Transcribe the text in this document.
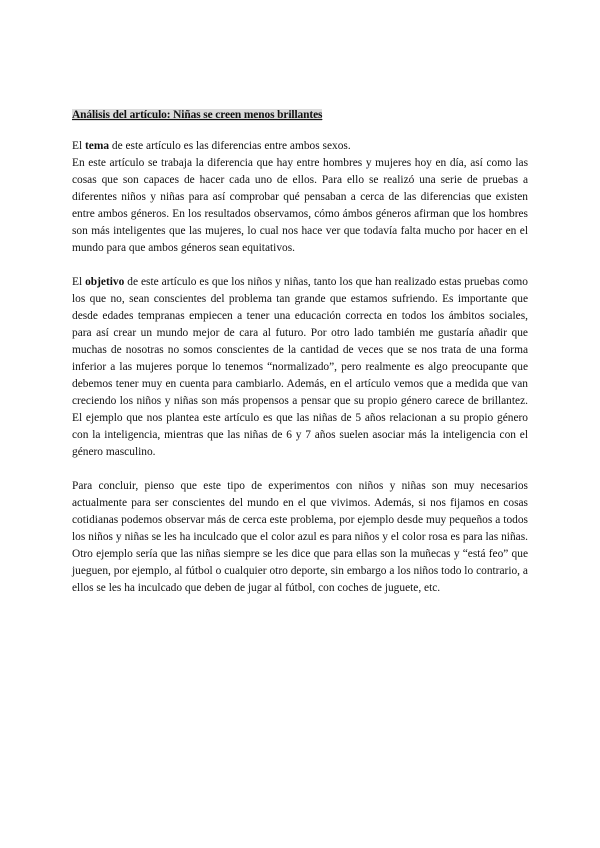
Análisis del artículo: Niñas se creen menos brillantes

El tema de este artículo es las diferencias entre ambos sexos.

En este artículo se trabaja la diferencia que hay entre hombres y mujeres hoy en día, así como las cosas que son capaces de hacer cada uno de ellos. Para ello se realizó una serie de pruebas a diferentes niños y niñas para así comprobar qué pensaban a cerca de las diferencias que existen entre ambos géneros. En los resultados observamos, cómo ámbos géneros afirman que los hombres son más inteligentes que las mujeres, lo cual nos hace ver que todavía falta mucho por hacer en el mundo para que ambos géneros sean equitativos.

El objetivo de este artículo es que los niños y niñas, tanto los que han realizado estas pruebas como los que no, sean conscientes del problema tan grande que estamos sufriendo. Es importante que desde edades tempranas empiecen a tener una educación correcta en todos los ámbitos sociales, para así crear un mundo mejor de cara al futuro. Por otro lado también me gustaría añadir que muchas de nosotras no somos conscientes de la cantidad de veces que se nos trata de una forma inferior a las mujeres porque lo tenemos “normalizado”, pero realmente es algo preocupante que debemos tener muy en cuenta para cambiarlo. Además, en el artículo vemos que a medida que van creciendo los niños y niñas son más propensos a pensar que su propio género carece de brillantez. El ejemplo que nos plantea este artículo es que las niñas de 5 años relacionan a su propio género con la inteligencia, mientras que las niñas de 6 y 7 años suelen asociar más la inteligencia con el género masculino.

Para concluir, pienso que este tipo de experimentos con niños y niñas son muy necesarios actualmente para ser conscientes del mundo en el que vivimos. Además, si nos fijamos en cosas cotidianas podemos observar más de cerca este problema, por ejemplo desde muy pequeños a todos los niños y niñas se les ha inculcado que el color azul es para niños y el color rosa es para las niñas. Otro ejemplo sería que las niñas siempre se les dice que para ellas son la muñecas y “está feo” que jueguen, por ejemplo, al fútbol o cualquier otro deporte, sin embargo a los niños todo lo contrario, a ellos se les ha inculcado que deben de jugar al fútbol, con coches de juguete, etc.
